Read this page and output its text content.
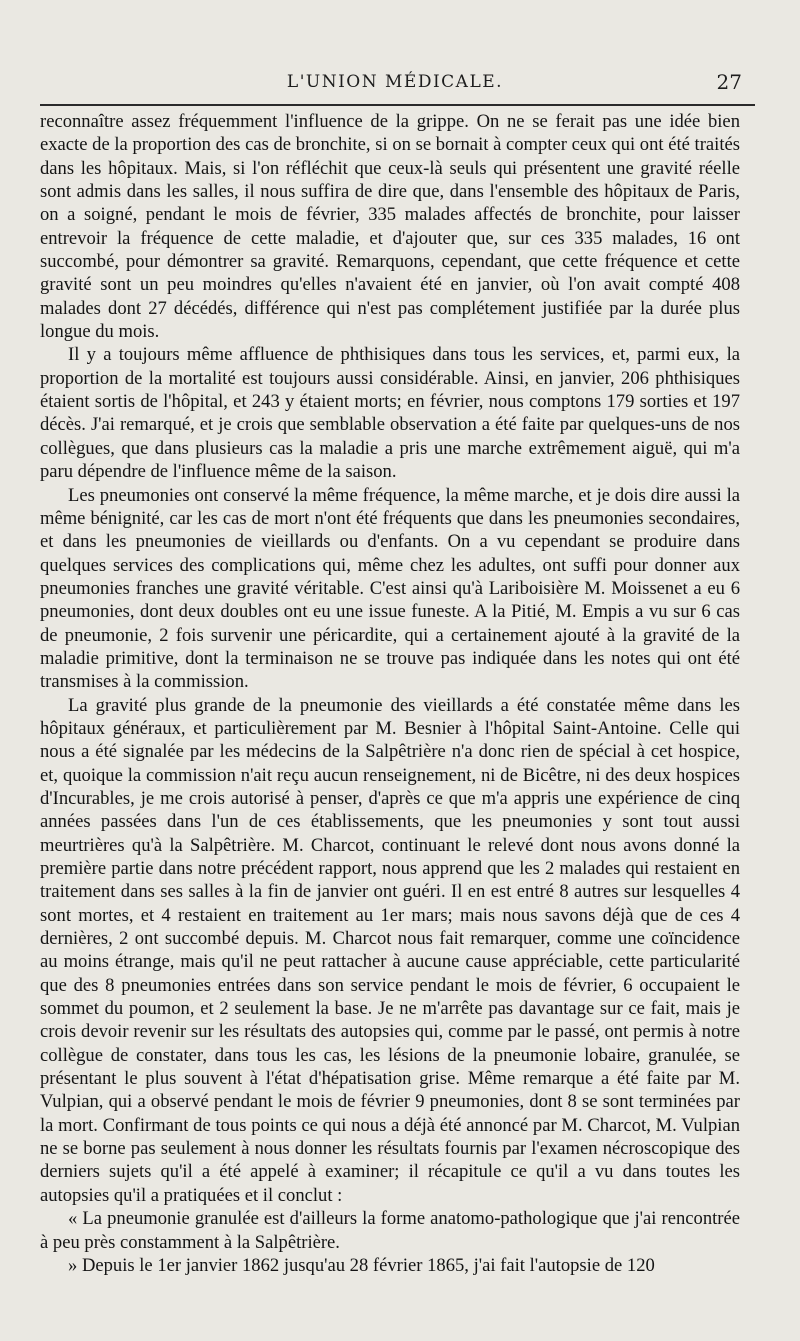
L'UNION MÉDICALE.	27

reconnaître assez fréquemment l'influence de la grippe. On ne se ferait pas une idée bien exacte de la proportion des cas de bronchite, si on se bornait à compter ceux qui ont été traités dans les hôpitaux. Mais, si l'on réfléchit que ceux-là seuls qui présentent une gravité réelle sont admis dans les salles, il nous suffira de dire que, dans l'ensemble des hôpitaux de Paris, on a soigné, pendant le mois de février, 335 malades affectés de bronchite, pour laisser entrevoir la fréquence de cette maladie, et d'ajouter que, sur ces 335 malades, 16 ont succombé, pour démontrer sa gravité. Remarquons, cependant, que cette fréquence et cette gravité sont un peu moindres qu'elles n'avaient été en janvier, où l'on avait compté 408 malades dont 27 décédés, différence qui n'est pas complétement justifiée par la durée plus longue du mois.

Il y a toujours même affluence de phthisiques dans tous les services, et, parmi eux, la proportion de la mortalité est toujours aussi considérable. Ainsi, en janvier, 206 phthisiques étaient sortis de l'hôpital, et 243 y étaient morts; en février, nous comptons 179 sorties et 197 décès. J'ai remarqué, et je crois que semblable observation a été faite par quelques-uns de nos collègues, que dans plusieurs cas la maladie a pris une marche extrêmement aiguë, qui m'a paru dépendre de l'influence même de la saison.

Les pneumonies ont conservé la même fréquence, la même marche, et je dois dire aussi la même bénignité, car les cas de mort n'ont été fréquents que dans les pneumonies secondaires, et dans les pneumonies de vieillards ou d'enfants. On a vu cependant se produire dans quelques services des complications qui, même chez les adultes, ont suffi pour donner aux pneumonies franches une gravité véritable. C'est ainsi qu'à Lariboisière M. Moissenet a eu 6 pneumonies, dont deux doubles ont eu une issue funeste. A la Pitié, M. Empis a vu sur 6 cas de pneumonie, 2 fois survenir une péricardite, qui a certainement ajouté à la gravité de la maladie primitive, dont la terminaison ne se trouve pas indiquée dans les notes qui ont été transmises à la commission.

La gravité plus grande de la pneumonie des vieillards a été constatée même dans les hôpitaux généraux, et particulièrement par M. Besnier à l'hôpital Saint-Antoine. Celle qui nous a été signalée par les médecins de la Salpêtrière n'a donc rien de spécial à cet hospice, et, quoique la commission n'ait reçu aucun renseignement, ni de Bicêtre, ni des deux hospices d'Incurables, je me crois autorisé à penser, d'après ce que m'a appris une expérience de cinq années passées dans l'un de ces établissements, que les pneumonies y sont tout aussi meurtrières qu'à la Salpêtrière. M. Charcot, continuant le relevé dont nous avons donné la première partie dans notre précédent rapport, nous apprend que les 2 malades qui restaient en traitement dans ses salles à la fin de janvier ont guéri. Il en est entré 8 autres sur lesquelles 4 sont mortes, et 4 restaient en traitement au 1er mars; mais nous savons déjà que de ces 4 dernières, 2 ont succombé depuis. M. Charcot nous fait remarquer, comme une coïncidence au moins étrange, mais qu'il ne peut rattacher à aucune cause appréciable, cette particularité que des 8 pneumonies entrées dans son service pendant le mois de février, 6 occupaient le sommet du poumon, et 2 seulement la base. Je ne m'arrête pas davantage sur ce fait, mais je crois devoir revenir sur les résultats des autopsies qui, comme par le passé, ont permis à notre collègue de constater, dans tous les cas, les lésions de la pneumonie lobaire, granulée, se présentant le plus souvent à l'état d'hépatisation grise. Même remarque a été faite par M. Vulpian, qui a observé pendant le mois de février 9 pneumonies, dont 8 se sont terminées par la mort. Confirmant de tous points ce qui nous a déjà été annoncé par M. Charcot, M. Vulpian ne se borne pas seulement à nous donner les résultats fournis par l'examen nécroscopique des derniers sujets qu'il a été appelé à examiner; il récapitule ce qu'il a vu dans toutes les autopsies qu'il a pratiquées et il conclut :

« La pneumonie granulée est d'ailleurs la forme anatomo-pathologique que j'ai rencontrée à peu près constamment à la Salpêtrière.

» Depuis le 1er janvier 1862 jusqu'au 28 février 1865, j'ai fait l'autopsie de 120
